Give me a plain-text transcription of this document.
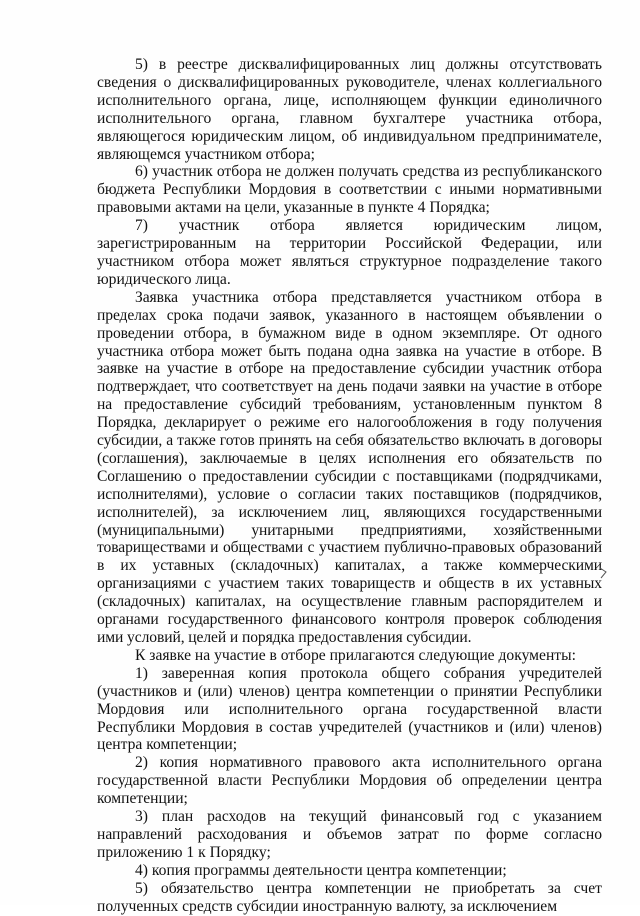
5) в реестре дисквалифицированных лиц должны отсутствовать сведения о дисквалифицированных руководителе, членах коллегиального исполнительного органа, лице, исполняющем функции единоличного исполнительного органа, главном бухгалтере участника отбора, являющегося юридическим лицом, об индивидуальном предпринимателе, являющемся участником отбора;

6) участник отбора не должен получать средства из республиканского бюджета Республики Мордовия в соответствии с иными нормативными правовыми актами на цели, указанные в пункте 4 Порядка;

7) участник отбора является юридическим лицом, зарегистрированным на территории Российской Федерации, или участником отбора может являться структурное подразделение такого юридического лица.

Заявка участника отбора представляется участником отбора в пределах срока подачи заявок, указанного в настоящем объявлении о проведении отбора, в бумажном виде в одном экземпляре. От одного участника отбора может быть подана одна заявка на участие в отборе. В заявке на участие в отборе на предоставление субсидии участник отбора подтверждает, что соответствует на день подачи заявки на участие в отборе на предоставление субсидий требованиям, установленным пунктом 8 Порядка, декларирует о режиме его налогообложения в году получения субсидии, а также готов принять на себя обязательство включать в договоры (соглашения), заключаемые в целях исполнения его обязательств по Соглашению о предоставлении субсидии с поставщиками (подрядчиками, исполнителями), условие о согласии таких поставщиков (подрядчиков, исполнителей), за исключением лиц, являющихся государственными (муниципальными) унитарными предприятиями, хозяйственными товариществами и обществами с участием публично-правовых образований в их уставных (складочных) капиталах, а также коммерческими организациями с участием таких товариществ и обществ в их уставных (складочных) капиталах, на осуществление главным распорядителем и органами государственного финансового контроля проверок соблюдения ими условий, целей и порядка предоставления субсидии.

К заявке на участие в отборе прилагаются следующие документы:

1) заверенная копия протокола общего собрания учредителей (участников и (или) членов) центра компетенции о принятии Республики Мордовия или исполнительного органа государственной власти Республики Мордовия в состав учредителей (участников и (или) членов) центра компетенции;

2) копия нормативного правового акта исполнительного органа государственной власти Республики Мордовия об определении центра компетенции;

3) план расходов на текущий финансовый год с указанием направлений расходования и объемов затрат по форме согласно приложению 1 к Порядку;

4) копия программы деятельности центра компетенции;

5) обязательство центра компетенции не приобретать за счет полученных средств субсидии иностранную валюту, за исключением
